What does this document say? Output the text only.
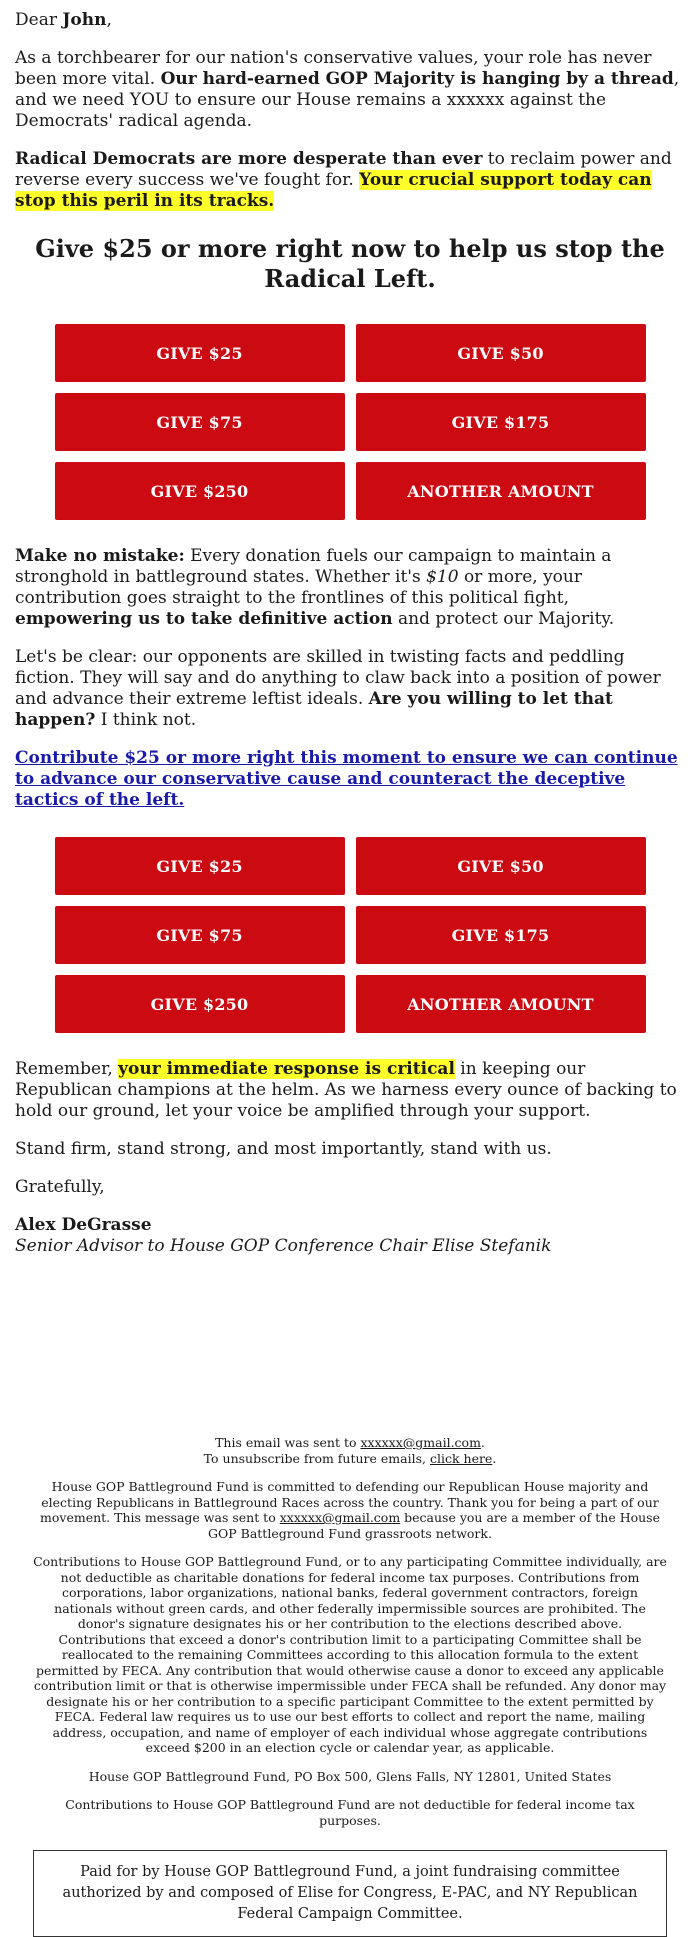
Dear John,

As a torchbearer for our nation's conservative values, your role has never been more vital. Our hard-earned GOP Majority is hanging by a thread, and we need YOU to ensure our House remains a xxxxxx against the Democrats' radical agenda.

Radical Democrats are more desperate than ever to reclaim power and reverse every success we've fought for. Your crucial support today can stop this peril in its tracks.

Give $25 or more right now to help us stop the Radical Left.
GIVE $25	GIVE $50
GIVE $75	GIVE $175
GIVE $250	ANOTHER AMOUNT

Make no mistake: Every donation fuels our campaign to maintain a stronghold in battleground states. Whether it's $10 or more, your contribution goes straight to the frontlines of this political fight, empowering us to take definitive action and protect our Majority.

Let's be clear: our opponents are skilled in twisting facts and peddling fiction. They will say and do anything to claw back into a position of power and advance their extreme leftist ideals. Are you willing to let that happen? I think not.

Contribute $25 or more right this moment to ensure we can continue to advance our conservative cause and counteract the deceptive tactics of the left.
GIVE $25	GIVE $50
GIVE $75	GIVE $175
GIVE $250	ANOTHER AMOUNT

Remember, your immediate response is critical in keeping our Republican champions at the helm. As we harness every ounce of backing to hold our ground, let your voice be amplified through your support.

Stand firm, stand strong, and most importantly, stand with us.

Gratefully,

Alex DeGrasse

Senior Advisor to House GOP Conference Chair Elise Stefanik

This email was sent to xxxxxx@gmail.com.
To unsubscribe from future emails, click here.

House GOP Battleground Fund is committed to defending our Republican House majority and electing Republicans in Battleground Races across the country. Thank you for being a part of our movement. This message was sent to xxxxxx@gmail.com because you are a member of the House GOP Battleground Fund grassroots network.

Contributions to House GOP Battleground Fund, or to any participating Committee individually, are not deductible as charitable donations for federal income tax purposes. Contributions from corporations, labor organizations, national banks, federal government contractors, foreign nationals without green cards, and other federally impermissible sources are prohibited. The donor's signature designates his or her contribution to the elections described above. Contributions that exceed a donor's contribution limit to a participating Committee shall be reallocated to the remaining Committees according to this allocation formula to the extent permitted by FECA. Any contribution that would otherwise cause a donor to exceed any applicable contribution limit or that is otherwise impermissible under FECA shall be refunded. Any donor may designate his or her contribution to a specific participant Committee to the extent permitted by FECA. Federal law requires us to use our best efforts to collect and report the name, mailing address, occupation, and name of employer of each individual whose aggregate contributions exceed $200 in an election cycle or calendar year, as applicable.

House GOP Battleground Fund, PO Box 500, Glens Falls, NY 12801, United States

Contributions to House GOP Battleground Fund are not deductible for federal income tax purposes.

Paid for by House GOP Battleground Fund, a joint fundraising committee authorized by and composed of Elise for Congress, E-PAC, and NY Republican Federal Campaign Committee.
